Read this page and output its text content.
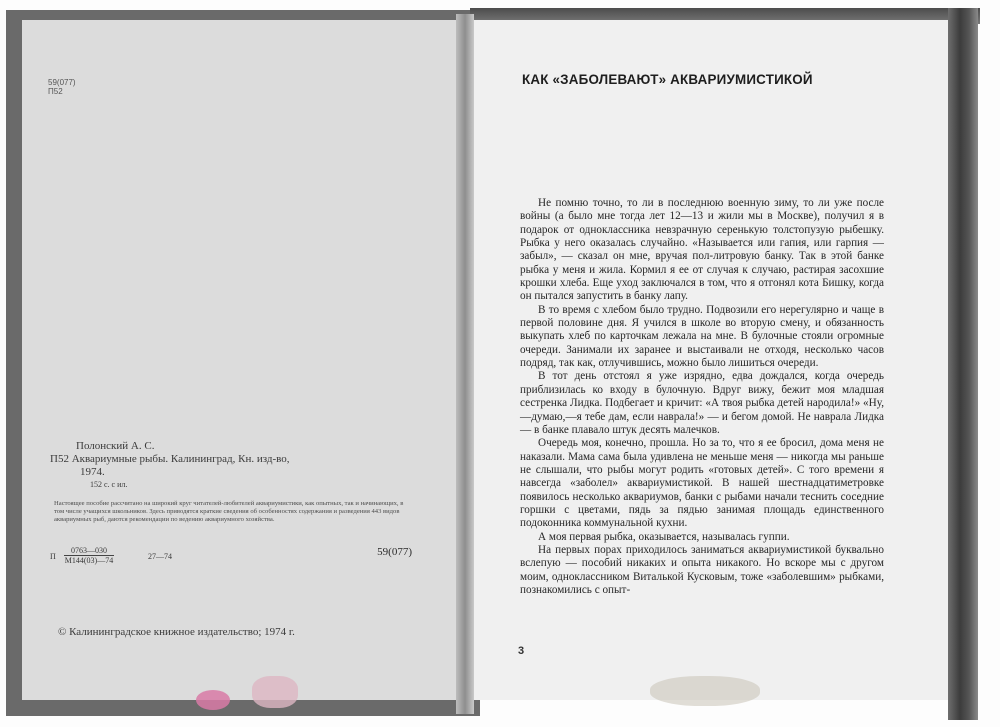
59(077)
П52
Полонский А. С.
П52 Аквариумные рыбы. Калининград, Кн. изд-во,
1974.
152 с. с ил.
Настоящее пособие рассчитано на широкий круг читателей-любителей аквариумистики, как опытных, так и начинающих, в том числе учащихся школьников. Здесь приводятся краткие сведения об особенностях содержания и разведения 443 видов аквариумных рыб, даются рекомендации по ведению аквариумного хозяйства.
П
0763—030
М144(03)—74	27—74	59(077)
© Калининградское книжное издательство; 1974 г.
КАК «ЗАБОЛЕВАЮТ» АКВАРИУМИСТИКОЙ

Не помню точно, то ли в последнюю военную зиму, то ли уже после войны (а было мне тогда лет 12—13 и жили мы в Москве), получил я в подарок от одноклассника невзрачную серенькую толстопузую рыбешку. Рыбка у него оказалась случайно. «Называется или гапия, или гарпия — забыл», — сказал он мне, вручая пол-литровую банку. Так в этой банке рыбка у меня и жила. Кормил я ее от случая к случаю, растирая засохшие крошки хлеба. Еще уход заключался в том, что я отгонял кота Бишку, когда он пытался запустить в банку лапу.

В то время с хлебом было трудно. Подвозили его нерегулярно и чаще в первой половине дня. Я учился в школе во вторую смену, и обязанность выкупать хлеб по карточкам лежала на мне. В булочные стояли огромные очереди. Занимали их заранее и выстаивали не отходя, несколько часов подряд, так как, отлучившись, можно было лишиться очереди.

В тот день отстоял я уже изрядно, едва дождался, когда очередь приблизилась ко входу в булочную. Вдруг вижу, бежит моя младшая сестренка Лидка. Подбегает и кричит: «А твоя рыбка детей народила!» «Ну,—думаю,—я тебе дам, если наврала!» — и бегом домой. Не наврала Лидка — в банке плавало штук десять малечков.

Очередь моя, конечно, прошла. Но за то, что я ее бросил, дома меня не наказали. Мама сама была удивлена не меньше меня — никогда мы раньше не слышали, что рыбы могут родить «готовых детей». С того времени я навсегда «заболел» аквариумистикой. В нашей шестнадцатиметровке появилось несколько аквариумов, банки с рыбами начали теснить соседние горшки с цветами, пядь за пядью занимая площадь единственного подоконника коммунальной кухни.

А моя первая рыбка, оказывается, называлась гуппи.

На первых порах приходилось заниматься аквариумистикой буквально вслепую — пособий никаких и опыта никакого. Но вскоре мы с другом моим, одноклассником Виталькой Кусковым, тоже «заболевшим» рыбками, познакомились с опыт-

3
